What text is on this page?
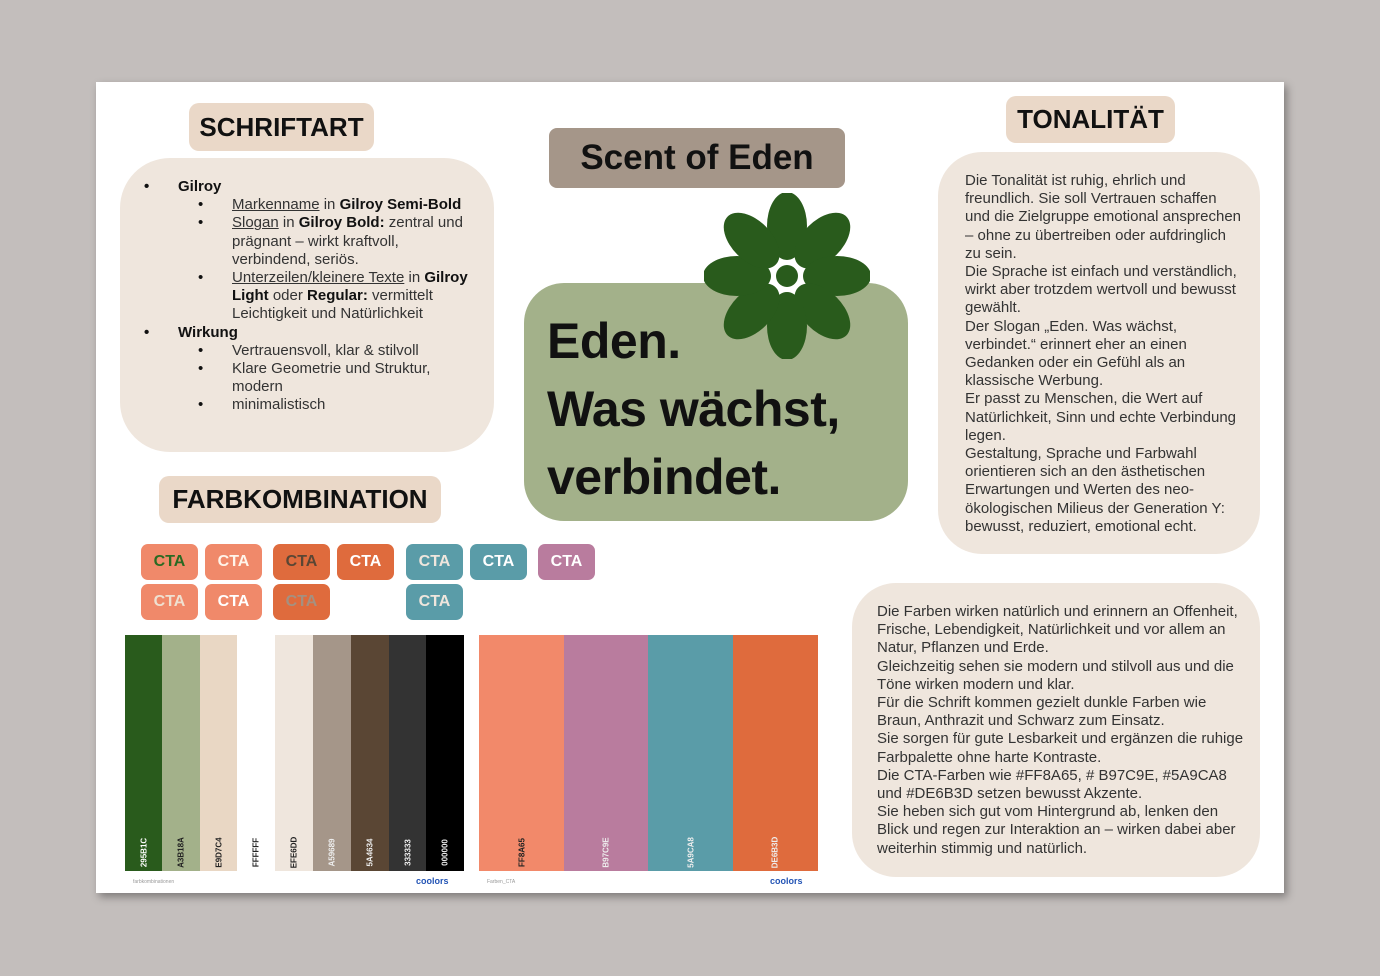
SCHRIFTART
• Gilroy
• Markenname in Gilroy Semi-Bold
• Slogan in Gilroy Bold: zentral und prägnant – wirkt kraftvoll, verbindend, seriös.
• Unterzeilen/kleinere Texte in Gilroy Light oder Regular: vermittelt Leichtigkeit und Natürlichkeit
• Wirkung
• Vertrauensvoll, klar & stilvoll
• Klare Geometrie und Struktur, modern
• minimalistisch
Scent of Eden
Eden.
Was wächst,
verbindet.
TONALITÄT
Die Tonalität ist ruhig, ehrlich und freundlich. Sie soll Vertrauen schaffen und die Zielgruppe emotional ansprechen – ohne zu übertreiben oder aufdringlich zu sein.
Die Sprache ist einfach und verständlich, wirkt aber trotzdem wertvoll und bewusst gewählt.
Der Slogan „Eden. Was wächst, verbindet.“ erinnert eher an einen Gedanken oder ein Gefühl als an klassische Werbung.
Er passt zu Menschen, die Wert auf Natürlichkeit, Sinn und echte Verbindung legen.
Gestaltung, Sprache und Farbwahl orientieren sich an den ästhetischen Erwartungen und Werten des neo-ökologischen Milieus der Generation Y: bewusst, reduziert, emotional echt.
FARBKOMBINATION
Die Farben wirken natürlich und erinnern an Offenheit, Frische, Lebendigkeit, Natürlichkeit und vor allem an Natur, Pflanzen und Erde.
Gleichzeitig sehen sie modern und stilvoll aus und die Töne wirken modern und klar.
Für die Schrift kommen gezielt dunkle Farben wie Braun, Anthrazit und Schwarz zum Einsatz.
Sie sorgen für gute Lesbarkeit und ergänzen die ruhige Farbpalette ohne harte Kontraste.
Die CTA-Farben wie #FF8A65, # B97C9E, #5A9CA8 und #DE6B3D setzen bewusst Akzente.
Sie heben sich gut vom Hintergrund ab, lenken den Blick und regen zur Interaktion an – wirken dabei aber weiterhin stimmig und natürlich.
CTA	CTA	CTA	CTA	CTA	CTA	CTA
CTA	CTA	CTA	CTA
295B1C	A3B18A	E9D7C4	FFFFFF	EFE6DD	A59689	5A4634	333333	000000	FF8A65	B97C9E	5A9CA8	DE6B3D
farbkombinationen	Farben_CTA
coolors	coolors
